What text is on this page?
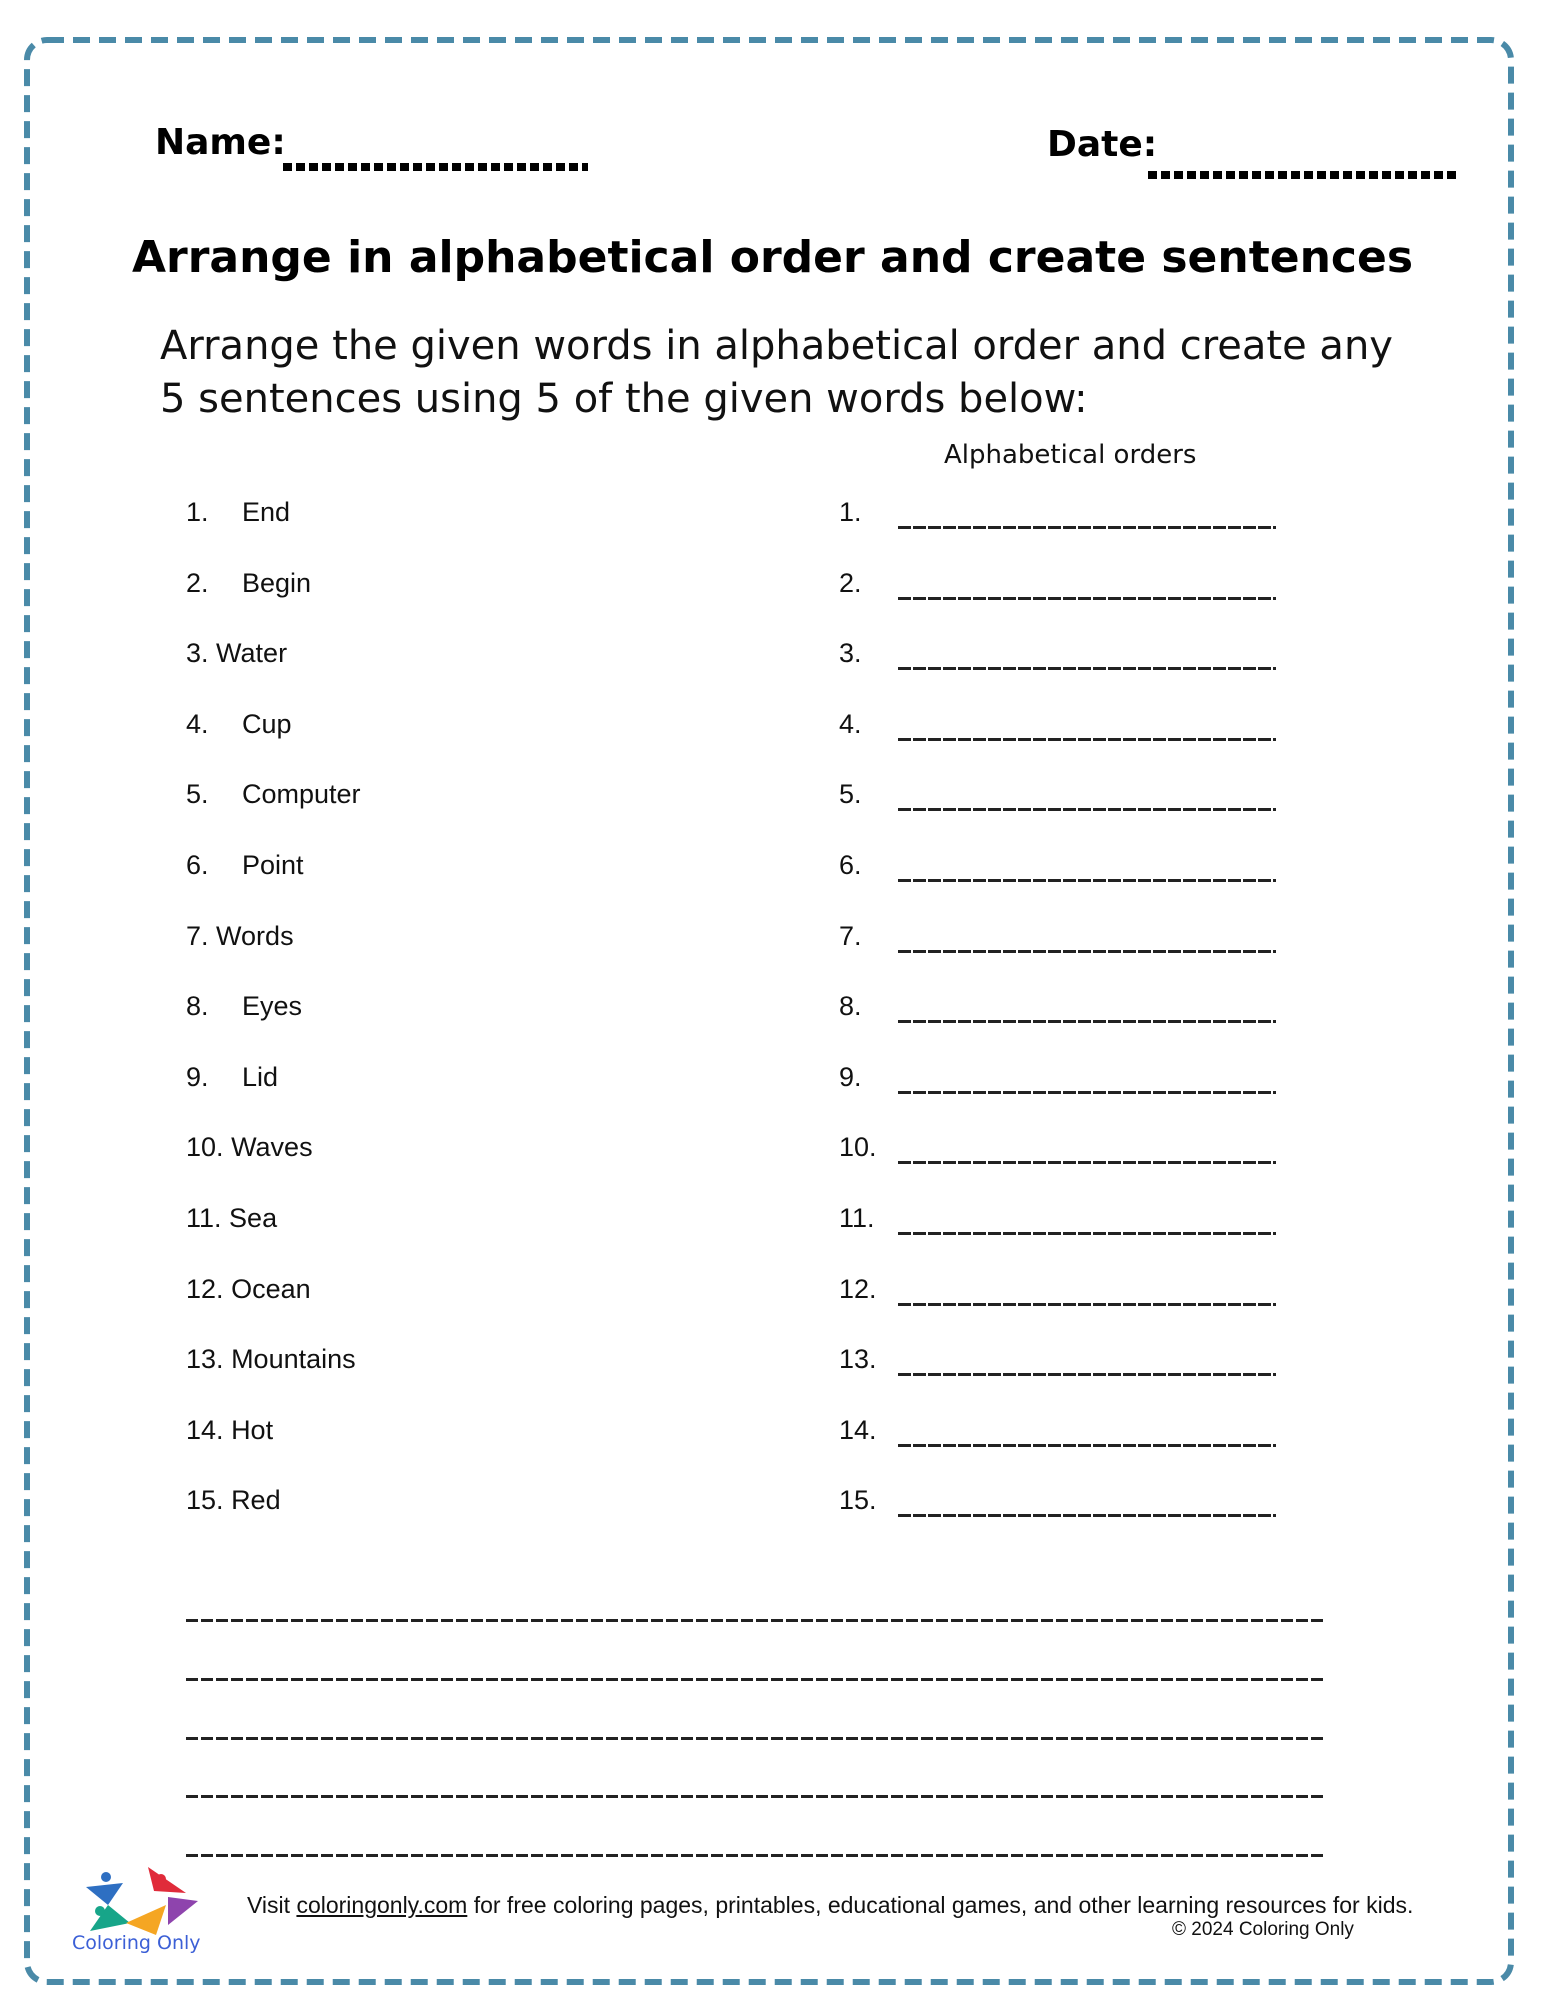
Name:	Date:
Arrange in alphabetical order and create sentences
Arrange the given words in alphabetical order and create any 5 sentences using 5 of the given words below:
Alphabetical orders
1. End
2. Begin
3. Water
4. Cup
5. Computer
6. Point
7. Words
8. Eyes
9. Lid
10. Waves
11. Sea
12. Ocean
13. Mountains
14. Hot
15. Red
1.
2.
3.
4.
5.
6.
7.
8.
9.
10.
11.
12.
13.
14.
15.
Coloring Only
Visit coloringonly.com for free coloring pages, printables, educational games, and other learning resources for kids.
© 2024 Coloring Only
